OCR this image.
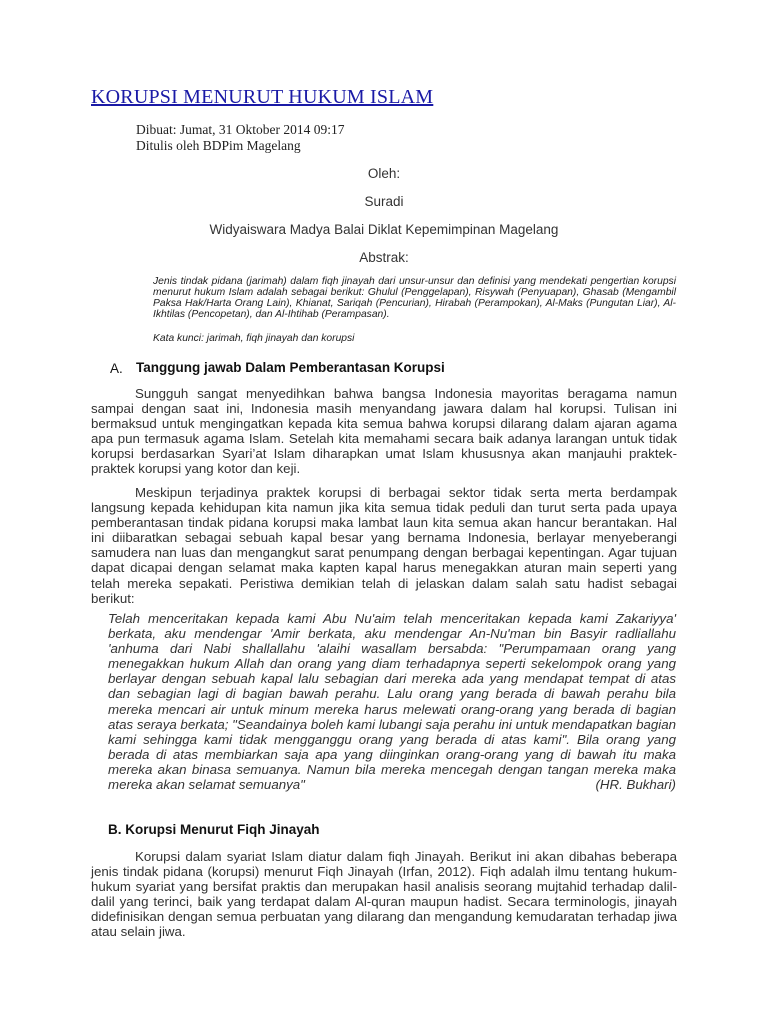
KORUPSI MENURUT HUKUM ISLAM
Dibuat: Jumat, 31 Oktober 2014 09:17
Ditulis oleh BDPim Magelang
Oleh:
Suradi
Widyaiswara Madya Balai Diklat Kepemimpinan Magelang
Abstrak:
Jenis tindak pidana (jarimah) dalam fiqh jinayah dari unsur-unsur dan definisi yang mendekati pengertian korupsi menurut hukum Islam adalah sebagai berikut: Ghulul (Penggelapan), Risywah (Penyuapan), Ghasab (Mengambil Paksa Hak/Harta Orang Lain), Khianat, Sariqah (Pencurian), Hirabah (Perampokan), Al-Maks (Pungutan Liar), Al-Ikhtilas (Pencopetan), dan Al-Ihtihab (Perampasan).
Kata kunci: jarimah, fiqh jinayah dan korupsi
A. Tanggung jawab Dalam Pemberantasan Korupsi
Sungguh sangat menyedihkan bahwa bangsa Indonesia mayoritas beragama namun sampai dengan saat ini, Indonesia masih menyandang jawara dalam hal korupsi. Tulisan ini bermaksud untuk mengingatkan kepada kita semua bahwa korupsi dilarang dalam ajaran agama apa pun termasuk agama Islam. Setelah kita memahami secara baik adanya larangan untuk tidak korupsi berdasarkan Syari’at Islam diharapkan umat Islam khususnya akan manjauhi praktek-praktek korupsi yang kotor dan keji.
Meskipun terjadinya praktek korupsi di berbagai sektor tidak serta merta berdampak langsung kepada kehidupan kita namun jika kita semua tidak peduli dan turut serta pada upaya pemberantasan tindak pidana korupsi maka lambat laun kita semua akan hancur berantakan. Hal ini diibaratkan sebagai sebuah kapal besar yang bernama Indonesia, berlayar menyeberangi samudera nan luas dan mengangkut sarat penumpang dengan berbagai kepentingan. Agar tujuan dapat dicapai dengan selamat maka kapten kapal harus menegakkan aturan main seperti yang telah mereka sepakati. Peristiwa demikian telah di jelaskan dalam salah satu hadist sebagai berikut:
Telah menceritakan kepada kami Abu Nu'aim telah menceritakan kepada kami Zakariyya' berkata, aku mendengar 'Amir berkata, aku mendengar An-Nu'man bin Basyir radliallahu 'anhuma dari Nabi shallallahu 'alaihi wasallam bersabda: "Perumpamaan orang yang menegakkan hukum Allah dan orang yang diam terhadapnya seperti sekelompok orang yang berlayar dengan sebuah kapal lalu sebagian dari mereka ada yang mendapat tempat di atas dan sebagian lagi di bagian bawah perahu. Lalu orang yang berada di bawah perahu bila mereka mencari air untuk minum mereka harus melewati orang-orang yang berada di bagian atas seraya berkata; "Seandainya boleh kami lubangi saja perahu ini untuk mendapatkan bagian kami sehingga kami tidak mengganggu orang yang berada di atas kami". Bila orang yang berada di atas membiarkan saja apa yang diinginkan orang-orang yang di bawah itu maka mereka akan binasa semuanya. Namun bila mereka mencegah dengan tangan mereka maka mereka akan selamat semuanya"	(HR. Bukhari)
B. Korupsi Menurut Fiqh Jinayah
Korupsi dalam syariat Islam diatur dalam fiqh Jinayah. Berikut ini akan dibahas beberapa jenis tindak pidana (korupsi) menurut Fiqh Jinayah (Irfan, 2012). Fiqh adalah ilmu tentang hukum-hukum syariat yang bersifat praktis dan merupakan hasil analisis seorang mujtahid terhadap dalil-dalil yang terinci, baik yang terdapat dalam Al-quran maupun hadist. Secara terminologis, jinayah didefinisikan dengan semua perbuatan yang dilarang dan mengandung kemudaratan terhadap jiwa atau selain jiwa.
